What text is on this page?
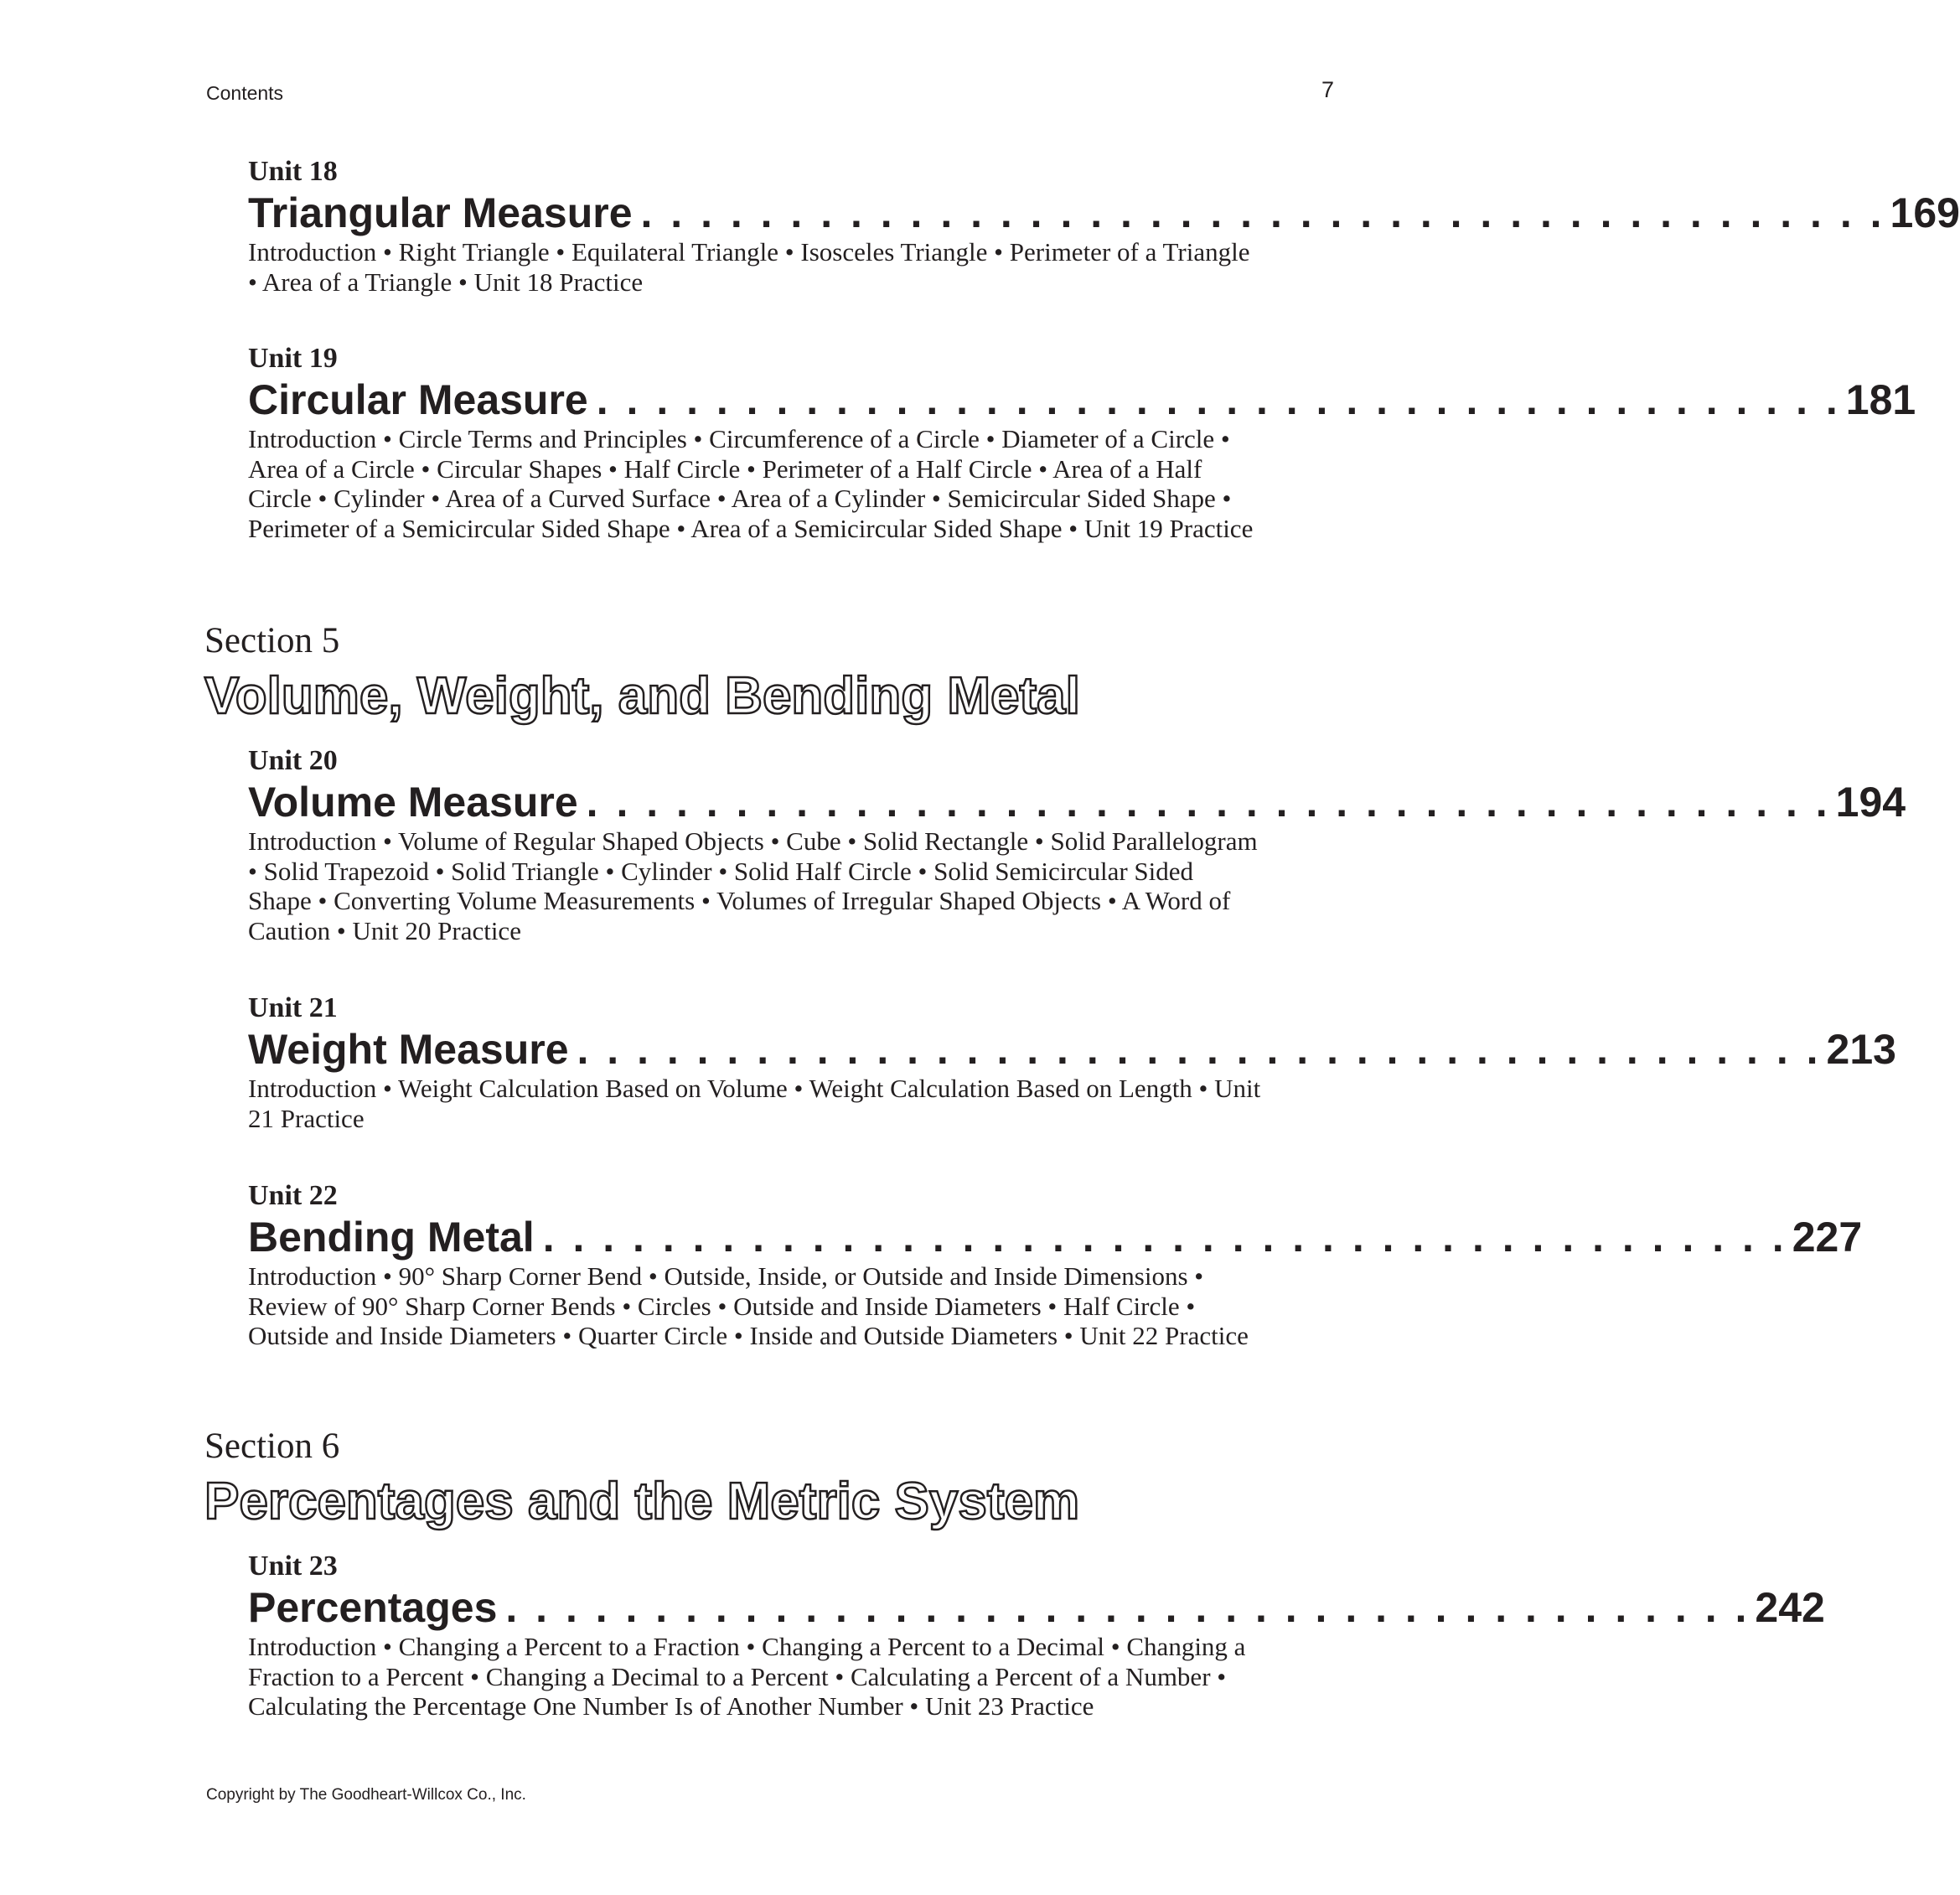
Contents	7
Unit 18
Triangular Measure . . . . . . . . . . . . . . . . . . . . . . . . . . . . . . . . . . . . . . . . . . 169
Introduction • Right Triangle • Equilateral Triangle • Isosceles Triangle • Perimeter of a Triangle • Area of a Triangle • Unit 18 Practice
Unit 19
Circular Measure . . . . . . . . . . . . . . . . . . . . . . . . . . . . . . . . . . . . . . . . . . 181
Introduction • Circle Terms and Principles • Circumference of a Circle • Diameter of a Circle • Area of a Circle • Circular Shapes • Half Circle • Perimeter of a Half Circle • Area of a Half Circle • Cylinder • Area of a Curved Surface • Area of a Cylinder • Semicircular Sided Shape • Perimeter of a Semicircular Sided Shape • Area of a Semicircular Sided Shape • Unit 19 Practice
Section 5
Volume, Weight, and Bending Metal
Unit 20
Volume Measure . . . . . . . . . . . . . . . . . . . . . . . . . . . . . . . . . . . . . . . . . . 194
Introduction • Volume of Regular Shaped Objects • Cube • Solid Rectangle • Solid Parallelogram • Solid Trapezoid • Solid Triangle • Cylinder • Solid Half Circle • Solid Semicircular Sided Shape • Converting Volume Measurements • Volumes of Irregular Shaped Objects • A Word of Caution • Unit 20 Practice
Unit 21
Weight Measure . . . . . . . . . . . . . . . . . . . . . . . . . . . . . . . . . . . . . . . . . . 213
Introduction • Weight Calculation Based on Volume • Weight Calculation Based on Length • Unit 21 Practice
Unit 22
Bending Metal . . . . . . . . . . . . . . . . . . . . . . . . . . . . . . . . . . . . . . . . . . 227
Introduction • 90° Sharp Corner Bend • Outside, Inside, or Outside and Inside Dimensions • Review of 90° Sharp Corner Bends • Circles • Outside and Inside Diameters • Half Circle • Outside and Inside Diameters • Quarter Circle • Inside and Outside Diameters • Unit 22 Practice
Section 6
Percentages and the Metric System
Unit 23
Percentages . . . . . . . . . . . . . . . . . . . . . . . . . . . . . . . . . . . . . . . . . . 242
Introduction • Changing a Percent to a Fraction • Changing a Percent to a Decimal • Changing a Fraction to a Percent • Changing a Decimal to a Percent • Calculating a Percent of a Number • Calculating the Percentage One Number Is of Another Number • Unit 23 Practice
Copyright by The Goodheart-Willcox Co., Inc.
